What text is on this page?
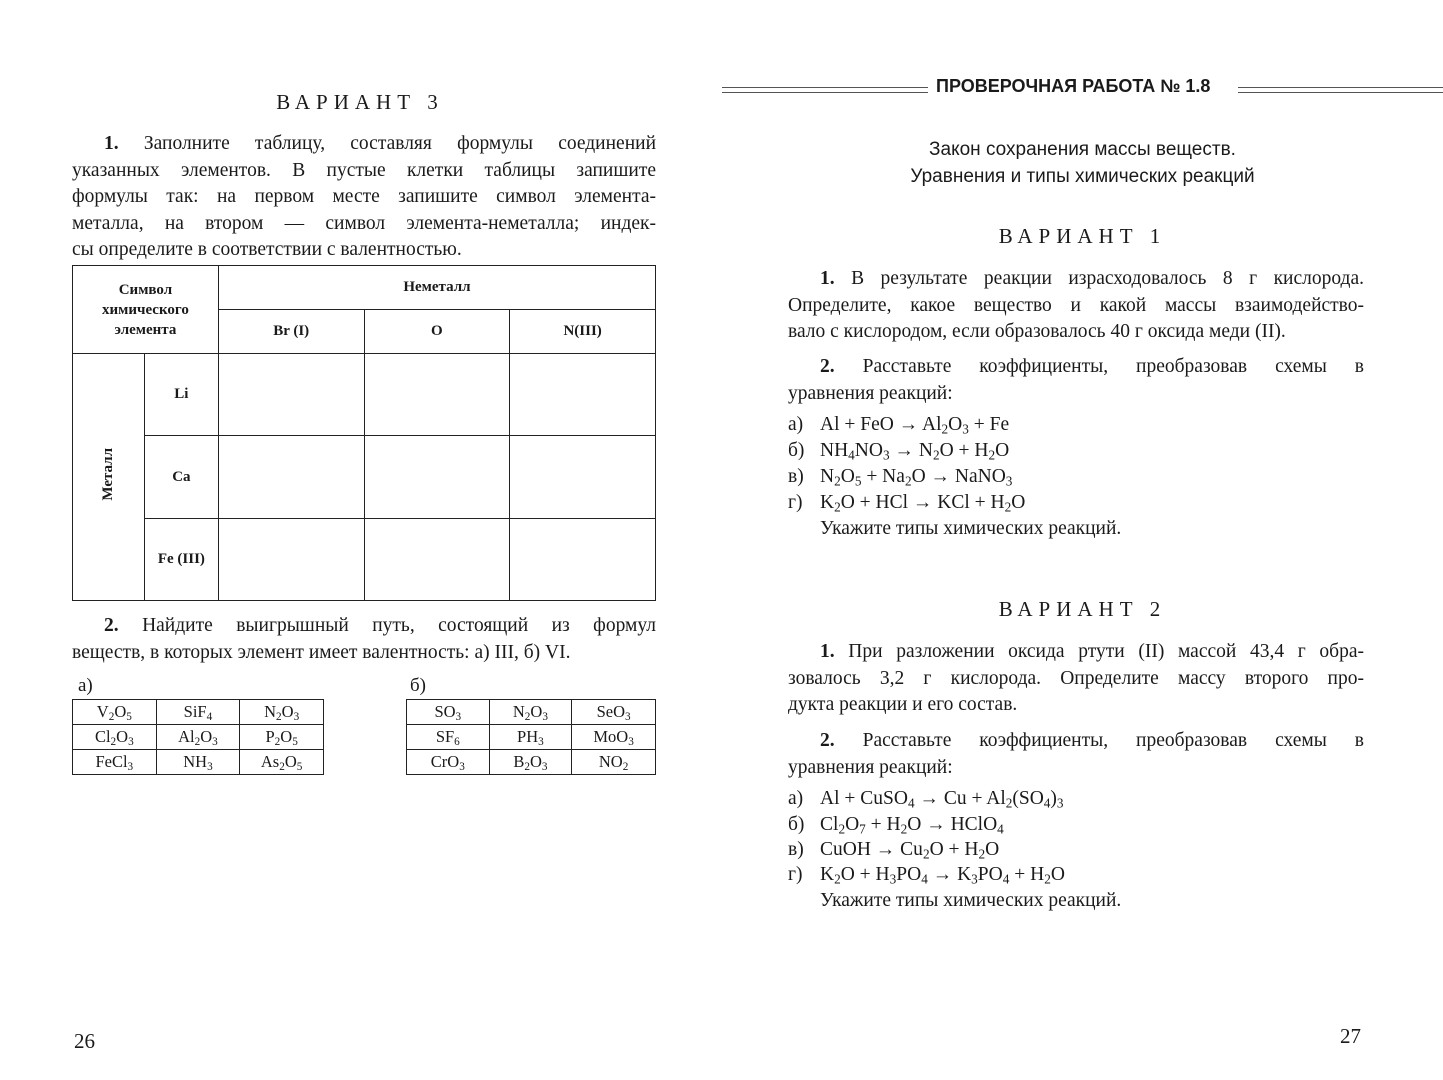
ВАРИАНТ 3
1. Заполните таблицу, составляя формулы соединений
указанных элементов. В пустые клетки таблицы запишите
формулы так: на первом месте запишите символ элемента-
металла, на втором — символ элемента-неметалла; индек-
сы определите в соответствии с валентностью.
Символ
химического
элемента		Неметалл		
		Br (I)	O	N(III)
Металл	Li			
	Ca			
	Fe (III)			
2. Найдите выигрышный путь, состоящий из формул
веществ, в которых элемент имеет валентность: а) III, б) VI.
а)	б)
$V_2O_5$	SiF$_4$	$N_2O_3$
$Cl_2O_3$	$Al_2O_3$	$P_2O_5$
FeCl$_3$	$NH_3$	$As_2O_5$
$SO_3$	$N_2O_3$	SeO$_3$
$SF_6$	$PH_3$	MoO$_3$
CrO$_3$	$B_2O_3$	$NO_2$
26
ПРОВЕРОЧНАЯ РАБОТА № 1.8
Закон сохранения массы веществ.
Уравнения и типы химических реакций
ВАРИАНТ 1
1. В результате реакции израсходовалось 8 г кислорода.
Определите, какое вещество и какой массы взаимодейство-
вало с кислородом, если образовалось 40 г оксида меди (II).
2. Расставьте коэффициенты, преобразовав схемы в
уравнения реакций:
а) Al + FeO → $Al_2O_3 + Fe$
б) $NH_4NO_3 \to N_2O + H_2O$
в) $N_2O_5 + Na_2O$ → NaNO$_3$
г) $K_2O$ + HCl → KCl + $H_2O$
Укажите типы химических реакций.
ВАРИАНТ 2
1. При разложении оксида ртути (II) массой 43,4 г обра-
зовалось 3,2 г кислорода. Определите массу второго про-
дукта реакции и его состав.
2. Расставьте коэффициенты, преобразовав схемы в
уравнения реакций:
а) Al + CuSO$_4$ → $Cu + Al_2(SO_4)_3$
б) $Cl_2O_7 + H_2O$ → HClO$_4$
в) CuOH → $Cu_2O + H_2O$
г) $K_2O + H_3PO_4 \to K_3PO_4 + H_2O$
Укажите типы химических реакций.
27
